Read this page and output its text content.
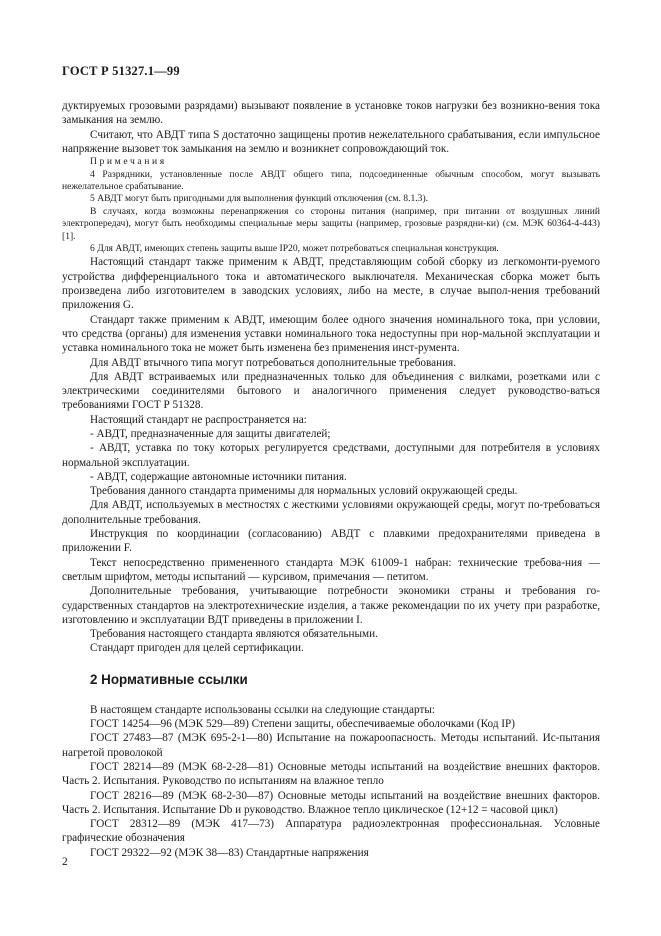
ГОСТ Р 51327.1—99

дуктируемых грозовыми разрядами) вызывают появление в установке токов нагрузки без возникно-вения тока замыкания на землю.

Считают, что АВДТ типа S достаточно защищены против нежелательного срабатывания, если импульсное напряжение вызовет ток замыкания на землю и возникнет сопровождающий ток.

Примечания

4 Разрядники, установленные после АВДТ общего типа, подсоединенные обычным способом, могут вызывать нежелательное срабатывание.

5 АВДТ могут быть пригодными для выполнения функций отключения (см. 8.1.3).

В случаях, когда возможны перенапряжения со стороны питания (например, при питании от воздушных линий электропередач), могут быть необходимы специальные меры защиты (например, грозовые разрядни-ки) (см. МЭК 60364-4-443) [1].

6 Для АВДТ, имеющих степень защиты выше IP20, может потребоваться специальная конструкция.

Настоящий стандарт также применим к АВДТ, представляющим собой сборку из легкомонти-руемого устройства дифференциального тока и автоматического выключателя. Механическая сборка может быть произведена либо изготовителем в заводских условиях, либо на месте, в случае выпол-нения требований приложения G.

Стандарт также применим к АВДТ, имеющим более одного значения номинального тока, при условии, что средства (органы) для изменения уставки номинального тока недоступны при нор-мальной эксплуатации и уставка номинального тока не может быть изменена без применения инст-румента.

Для АВДТ втычного типа могут потребоваться дополнительные требования.

Для АВДТ встраиваемых или предназначенных только для объединения с вилками, розетками или с электрическими соединителями бытового и аналогичного применения следует руководство-ваться требованиями ГОСТ Р 51328.

Настоящий стандарт не распространяется на:

- АВДТ, предназначенные для защиты двигателей;

- АВДТ, уставка по току которых регулируется средствами, доступными для потребителя в условиях нормальной эксплуатации.

- АВДТ, содержащие автономные источники питания.

Требования данного стандарта применимы для нормальных условий окружающей среды.

Для АВДТ, используемых в местностях с жесткими условиями окружающей среды, могут по-требоваться дополнительные требования.

Инструкция по координации (согласованию) АВДТ с плавкими предохранителями приведена в приложении F.

Текст непосредственно примененного стандарта МЭК 61009-1 набран: технические требова-ния — светлым шрифтом, методы испытаний — курсивом, примечания — петитом.

Дополнительные требования, учитывающие потребности экономики страны и требования го-сударственных стандартов на электротехнические изделия, а также рекомендации по их учету при разработке, изготовлению и эксплуатации ВДТ приведены в приложении I.

Требования настоящего стандарта являются обязательными.

Стандарт пригоден для целей сертификации.

2 Нормативные ссылки

В настоящем стандарте использованы ссылки на следующие стандарты:

ГОСТ 14254—96 (МЭК 529—89) Степени защиты, обеспечиваемые оболочками (Код IP)

ГОСТ 27483—87 (МЭК 695-2-1—80) Испытание на пожароопасность. Методы испытаний. Ис-пытания нагретой проволокой

ГОСТ 28214—89 (МЭК 68-2-28—81) Основные методы испытаний на воздействие внешних факторов. Часть 2. Испытания. Руководство по испытаниям на влажное тепло

ГОСТ 28216—89 (МЭК 68-2-30—87) Основные методы испытаний на воздействие внешних факторов. Часть 2. Испытания. Испытание Db и руководство. Влажное тепло циклическое (12+12 = часовой цикл)

ГОСТ 28312—89 (МЭК 417—73) Аппаратура радиоэлектронная профессиональная. Условные графические обозначения

ГОСТ 29322—92 (МЭК 38—83) Стандартные напряжения

2
